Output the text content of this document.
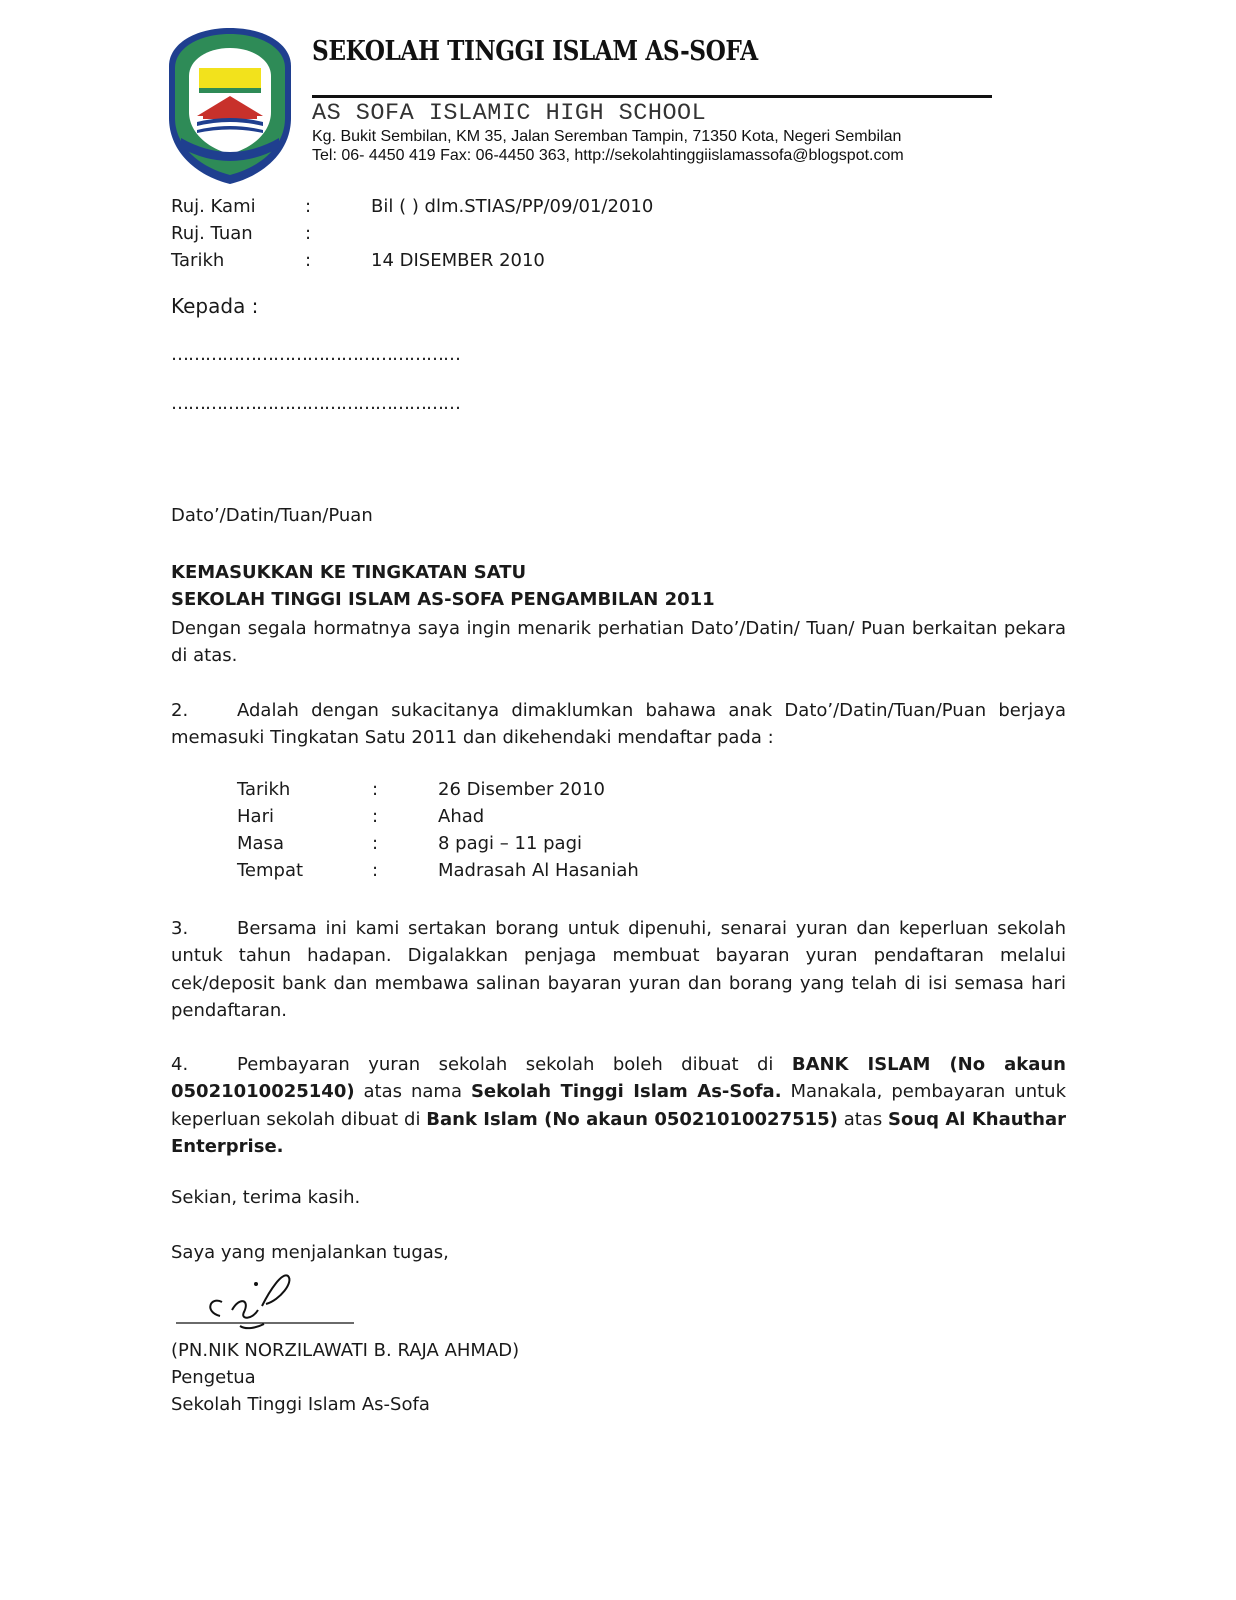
SEKOLAH TINGGI ISLAM AS-SOFA
AS SOFA ISLAMIC HIGH SCHOOL
Kg. Bukit Sembilan, KM 35, Jalan Seremban Tampin, 71350 Kota, Negeri Sembilan
Tel: 06- 4450 419 Fax: 06-4450 363, http://sekolahtinggiislamassofa@blogspot.com
Ruj. Kami	:	Bil ( ) dlm.STIAS/PP/09/01/2010
Ruj. Tuan	:
Tarikh	:	14 DISEMBER 2010
Kepada :
……………………………………………
……………………………………………
Dato’/Datin/Tuan/Puan
KEMASUKKAN KE TINGKATAN SATU
SEKOLAH TINGGI ISLAM AS-SOFA PENGAMBILAN 2011
Dengan segala hormatnya saya ingin menarik perhatian Dato’/Datin/ Tuan/ Puan berkaitan pekara di atas.
2.	Adalah dengan sukacitanya dimaklumkan bahawa anak Dato’/Datin/Tuan/Puan berjaya memasuki Tingkatan Satu 2011 dan dikehendaki mendaftar pada :
Tarikh	:	26 Disember 2010
Hari	:	Ahad
Masa	:	8 pagi – 11 pagi
Tempat	:	Madrasah Al Hasaniah
3.	Bersama ini kami sertakan borang untuk dipenuhi, senarai yuran dan keperluan sekolah untuk tahun hadapan. Digalakkan penjaga membuat bayaran yuran pendaftaran melalui cek/deposit bank dan membawa salinan bayaran yuran dan borang yang telah di isi semasa hari pendaftaran.
4.	Pembayaran yuran sekolah sekolah boleh dibuat di BANK ISLAM (No akaun 05021010025140) atas nama Sekolah Tinggi Islam As-Sofa. Manakala, pembayaran untuk keperluan sekolah dibuat di Bank Islam (No akaun 05021010027515) atas Souq Al Khauthar Enterprise.
Sekian, terima kasih.
Saya yang menjalankan tugas,
(PN.NIK NORZILAWATI B. RAJA AHMAD)
Pengetua
Sekolah Tinggi Islam As-Sofa
